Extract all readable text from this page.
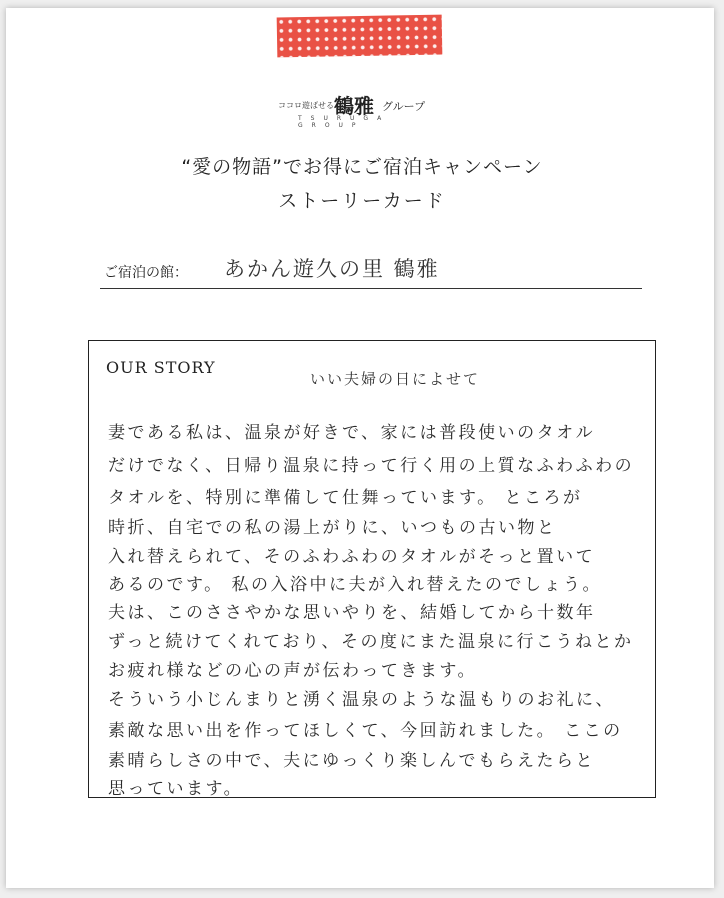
ココロ遊ばせる……
鶴雅 グループ
TSURUGA GROUP
“愛の物語”でお得にご宿泊キャンペーン
ストーリーカード
ご宿泊の館： あかん遊久の里 鶴雅
OUR STORY
いい夫婦の日によせて
妻である私は、温泉が好きで、家には普段使いのタオル
だけでなく、日帰り温泉に持って行く用の上質なふわふわの
タオルを、特別に準備して仕舞っています。 ところが
時折、自宅での私の湯上がりに、いつもの古い物と
入れ替えられて、そのふわふわのタオルがそっと置いて
あるのです。 私の入浴中に夫が入れ替えたのでしょう。
夫は、このささやかな思いやりを、結婚してから十数年
ずっと続けてくれており、その度にまた温泉に行こうねとか
お疲れ様などの心の声が伝わってきます。
そういう小じんまりと湧く温泉のような温もりのお礼に、
素敵な思い出を作ってほしくて、今回訪れました。 ここの
素晴らしさの中で、夫にゆっくり楽しんでもらえたらと
思っています。
